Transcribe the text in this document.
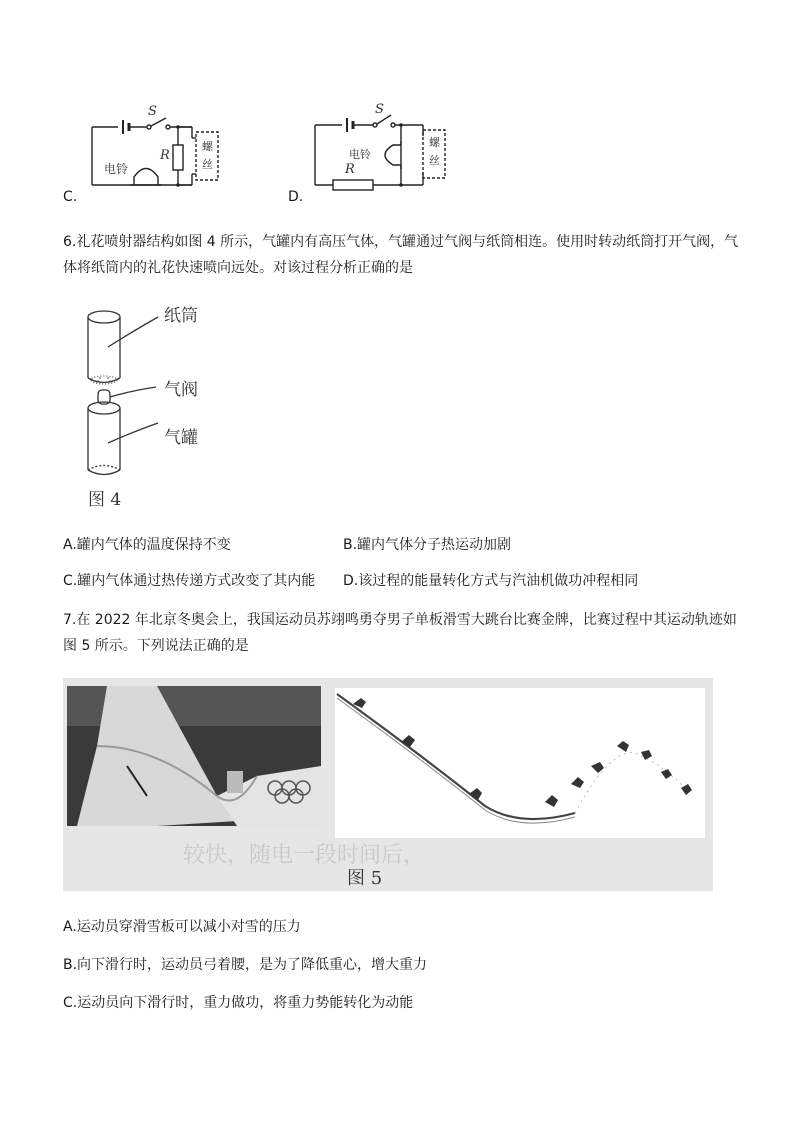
S
电铃
R
螺
丝
C.
S
电铃
R
螺
丝
D.
6.礼花喷射器结构如图 4 所示，气罐内有高压气体，气罐通过气阀与纸筒相连。使用时转动纸筒打开气阀，气
体将纸筒内的礼花快速喷向远处。对该过程分析正确的是
纸筒
气阀
气罐
图 4
A.罐内气体的温度保持不变	B.罐内气体分子热运动加剧
C.罐内气体通过热传递方式改变了其内能 D.该过程的能量转化方式与汽油机做功冲程相同
7.在 2022 年北京冬奥会上，我国运动员苏翊鸣勇夺男子单板滑雪大跳台比赛金牌，比赛过程中其运动轨迹如
图 5 所示。下列说法正确的是
较快，随电一段时间后，
图 5
A.运动员穿滑雪板可以减小对雪的压力
B.向下滑行时，运动员弓着腰，是为了降低重心，增大重力
C.运动员向下滑行时，重力做功，将重力势能转化为动能
